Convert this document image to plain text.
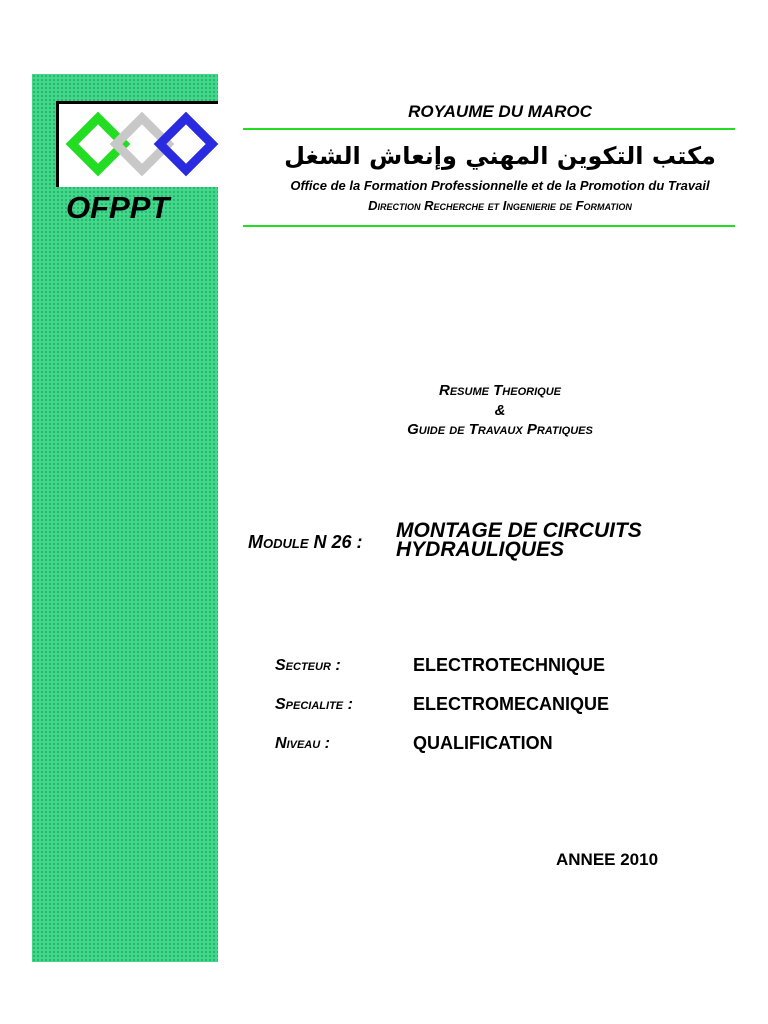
OFPPT
ROYAUME DU MAROC
مكتب التكوين المهني وإنعاش الشغل
Office de la Formation Professionnelle et de la Promotion du Travail
Direction Recherche et Ingenierie de Formation
Resume Theorique
&
Guide de Travaux Pratiques
Module N 26 : MONTAGE DE CIRCUITS
HYDRAULIQUES
Secteur :	ELECTROTECHNIQUE
Specialite :	ELECTROMECANIQUE
Niveau :	QUALIFICATION
ANNEE 2010
